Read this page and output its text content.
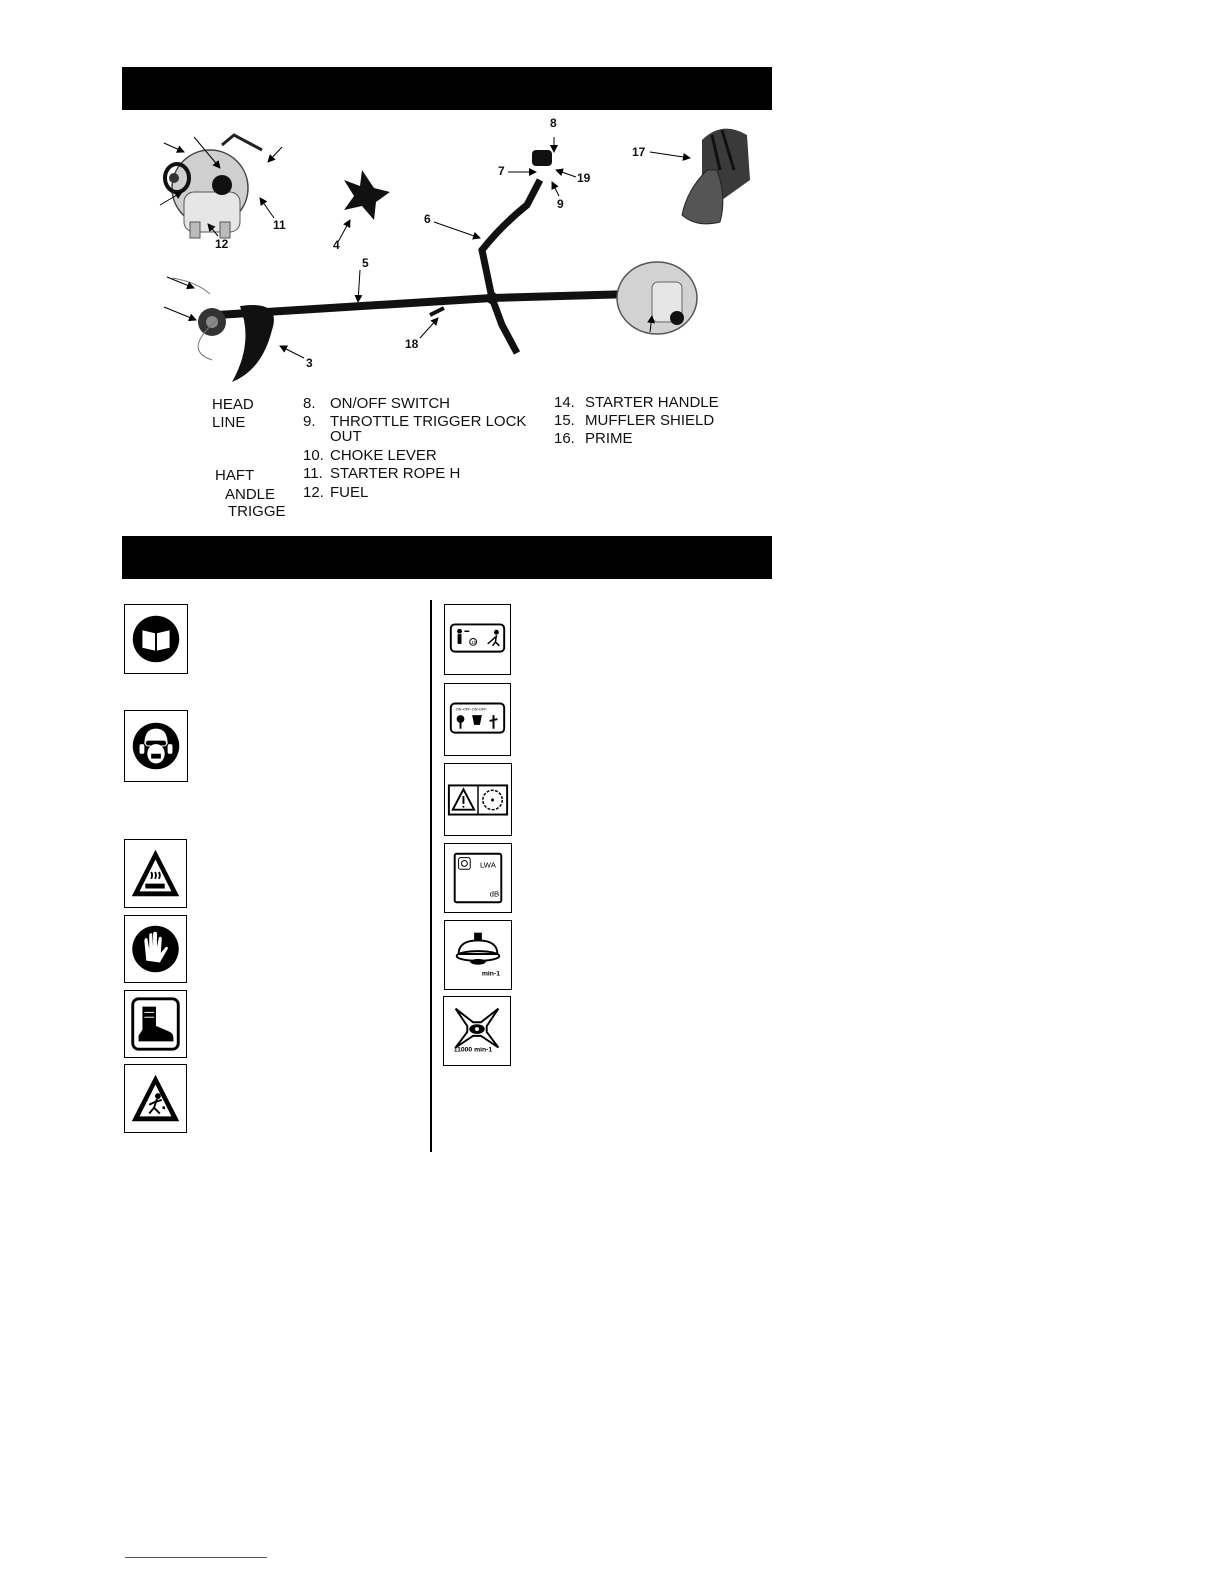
8
17
7	19
9
6
11
12	4
5
3
18
HEAD
LINE
HAFT
ANDLE
TRIGGE
8. ON/OFF SWITCH
9. THROTTLE TRIGGER LOCK
OUT
10. CHOKE LEVER
11. STARTER ROPE H
12.FUEL
14. STARTER HANDLE
15. MUFFLER SHIELD
16. PRIME
15
ON·OFF·ON·OFF
LWA
dB
min-1
11000 min-1
